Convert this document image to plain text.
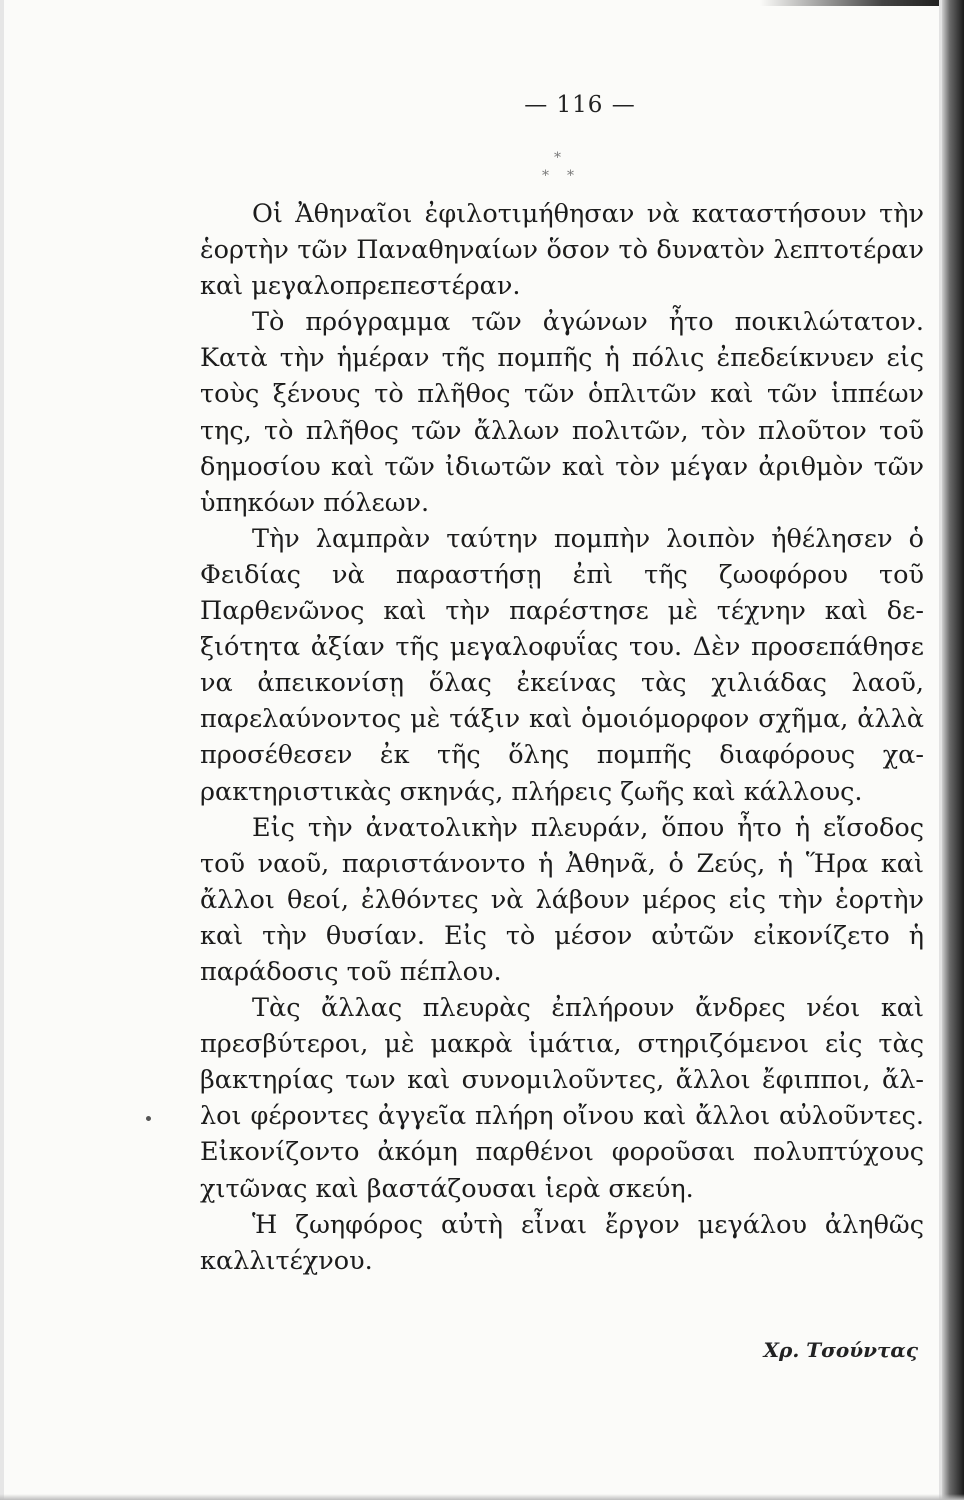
— 116 —
*
* *

Οἱ Ἀθηναῖοι ἐφιλοτιμήθησαν νὰ καταστήσουν τὴν ἑορτὴν τῶν Παναθηναίων ὅσον τὸ δυνατὸν λεπτοτέραν καὶ μεγαλοπρεπεστέραν.

Τὸ πρόγραμμα τῶν ἀγώνων ἦτο ποικιλώτατον. Κατὰ τὴν ἡμέραν τῆς πομπῆς ἡ πόλις ἐπεδείκνυεν εἰς τοὺς ξένους τὸ πλῆθος τῶν ὁπλιτῶν καὶ τῶν ἱππέων της, τὸ πλῆθος τῶν ἄλλων πολιτῶν, τὸν πλοῦτον τοῦ δημοσίου καὶ τῶν ἰδιωτῶν καὶ τὸν μέγαν ἀριθμὸν τῶν ὑπηκόων πόλεων.

Τὴν λαμπρὰν ταύτην πομπὴν λοιπὸν ἠθέλησεν ὁ Φειδίας νὰ παραστήσῃ ἐπὶ τῆς ζωοφόρου τοῦ Παρθενῶνος καὶ τὴν παρέστησε μὲ τέχνην καὶ δεξιότητα ἀξίαν τῆς μεγαλοφυΐας του. Δὲν προσεπάθησε να ἀπεικονίσῃ ὅλας ἐκείνας τὰς χιλιάδας λαοῦ, παρελαύνοντος μὲ τάξιν καὶ ὁμοιόμορφον σχῆμα, ἀλλὰ προσέθεσεν ἐκ τῆς ὅλης πομπῆς διαφόρους χαρακτηριστικὰς σκηνάς, πλήρεις ζωῆς καὶ κάλλους.

Εἰς τὴν ἀνατολικὴν πλευράν, ὅπου ἦτο ἡ εἴσοδος τοῦ ναοῦ, παριστάνοντο ἡ Ἀθηνᾶ, ὁ Ζεύς, ἡ Ἥρα καὶ ἄλλοι θεοί, ἐλθόντες νὰ λάβουν μέρος εἰς τὴν ἑορτὴν καὶ τὴν θυσίαν. Εἰς τὸ μέσον αὐτῶν εἰκονίζετο ἡ παράδοσις τοῦ πέπλου.

Τὰς ἄλλας πλευρὰς ἐπλήρουν ἄνδρες νέοι καὶ πρεσβύτεροι, μὲ μακρὰ ἱμάτια, στηριζόμενοι εἰς τὰς βακτηρίας των καὶ συνομιλοῦντες, ἄλλοι ἔφιπποι, ἄλλοι φέροντες ἀγγεῖα πλήρη οἴνου καὶ ἄλλοι αὐλοῦντες. Εἰκονίζοντο ἀκόμη παρθένοι φοροῦσαι πολυπτύχους χιτῶνας καὶ βαστάζουσαι ἱερὰ σκεύη.

Ἡ ζωηφόρος αὐτὴ εἶναι ἔργον μεγάλου ἀληθῶς καλλιτέχνου.

Χρ. Τσούντας
